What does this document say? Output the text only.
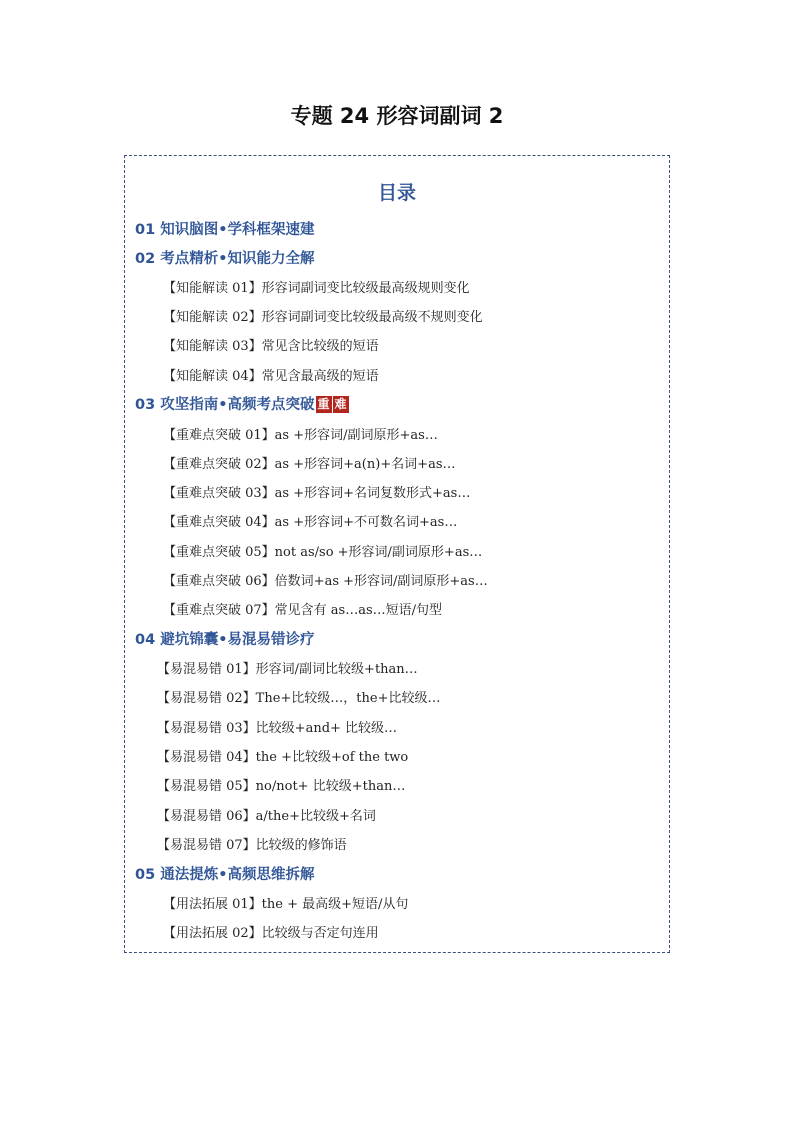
专题 24 形容词副词 2
目录
01 知识脑图•学科框架速建
02 考点精析•知识能力全解
【知能解读 01】形容词副词变比较级最高级规则变化
【知能解读 02】形容词副词变比较级最高级不规则变化
【知能解读 03】常见含比较级的短语
【知能解读 04】常见含最高级的短语
03 攻坚指南•高频考点突破 重 难
【重难点突破 01】as +形容词/副词原形+as…
【重难点突破 02】as +形容词+a(n)+名词+as…
【重难点突破 03】as +形容词+名词复数形式+as…
【重难点突破 04】as +形容词+不可数名词+as…
【重难点突破 05】not as/so +形容词/副词原形+as…
【重难点突破 06】倍数词+as +形容词/副词原形+as…
【重难点突破 07】常见含有 as…as…短语/句型
04 避坑锦囊•易混易错诊疗
【易混易错 01】形容词/副词比较级+than…
【易混易错 02】The+比较级…，the+比较级…
【易混易错 03】比较级+and+ 比较级…
【易混易错 04】the +比较级+of the two
【易混易错 05】no/not+ 比较级+than…
【易混易错 06】a/the+比较级+名词
【易混易错 07】比较级的修饰语
05 通法提炼•高频思维拆解
【用法拓展 01】the + 最高级+短语/从句
【用法拓展 02】比较级与否定句连用
